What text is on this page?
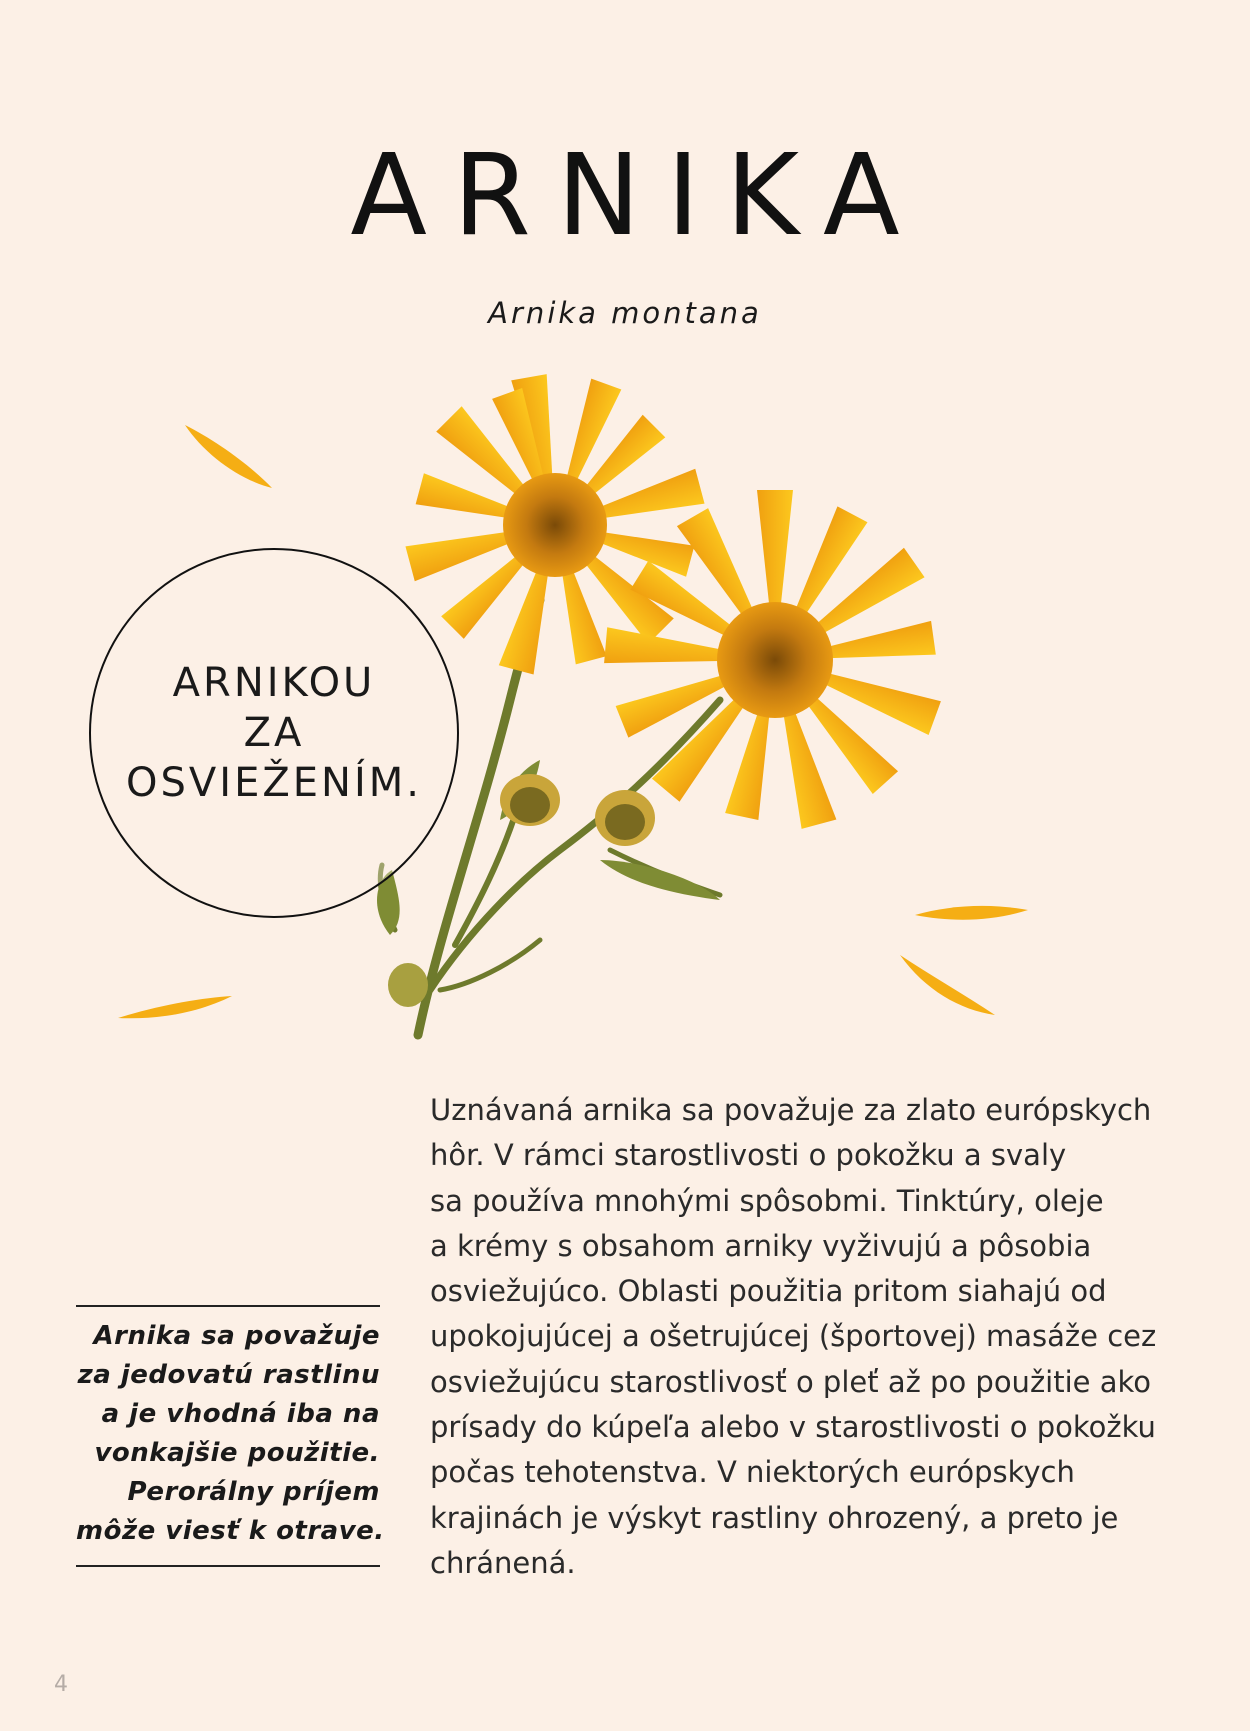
ARNIKA
Arnika montana
ARNIKOU
ZA
OSVIEŽENÍM.
Arnika sa považuje
za jedovatú rastlinu
a je vhodná iba na
vonkajšie použitie.
Perorálny príjem
môže viesť k otrave.
Uznávaná arnika sa považuje za zlato európskych
hôr. V rámci starostlivosti o pokožku a svaly
sa používa mnohými spôsobmi. Tinktúry, oleje
a krémy s obsahom arniky vyživujú a pôsobia
osviežujúco. Oblasti použitia pritom siahajú od
upokojujúcej a ošetrujúcej (športovej) masáže cez
osviežujúcu starostlivosť o pleť až po použitie ako
prísady do kúpeľa alebo v starostlivosti o pokožku
počas tehotenstva. V niektorých európskych
krajinách je výskyt rastliny ohrozený, a preto je
chránená.
4
